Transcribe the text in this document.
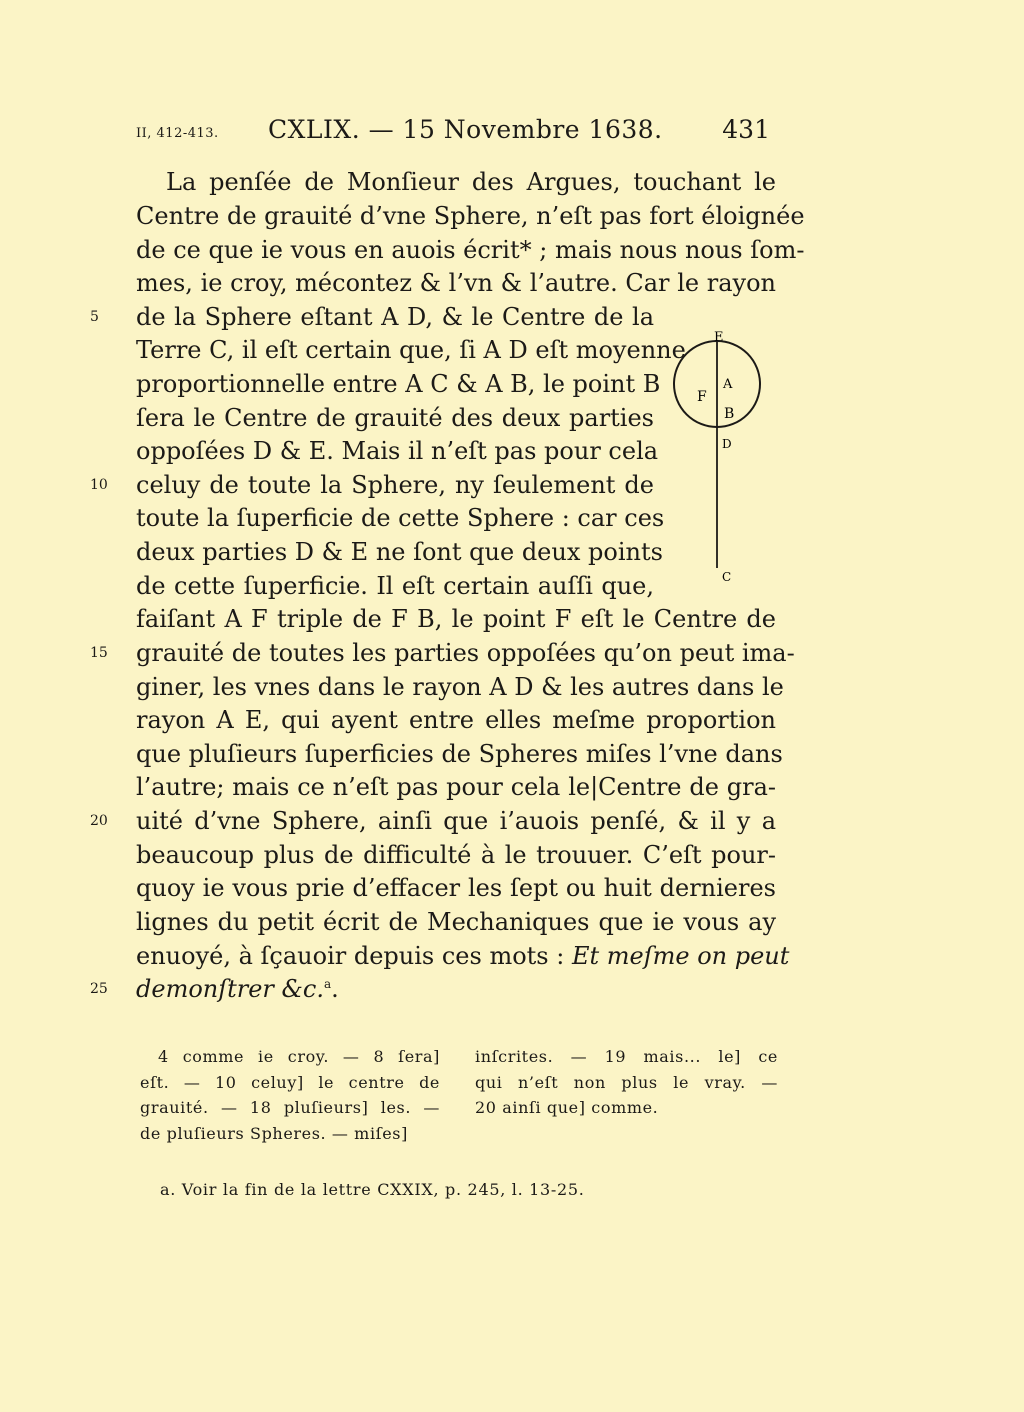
II, 412-413. CXLIX. — 15 Novembre 1638. 431
La penſée de Monſieur des Argues, touchant le
Centre de grauité d’vne Sphere, n’eſt pas fort éloignée
de ce que ie vous en auois écrit* ; mais nous nous ſom-
mes, ie croy, mécontez & l’vn & l’autre. Car le rayon
de la Sphere eſtant A D, & le Centre de la
Terre C, il eſt certain que, ſi A D eſt moyenne
proportionnelle entre A C & A B, le point B
ſera le Centre de grauité des deux parties
oppoſées D & E. Mais il n’eſt pas pour cela
celuy de toute la Sphere, ny ſeulement de
toute la ſuperficie de cette Sphere : car ces
deux parties D & E ne ſont que deux points
de cette ſuperficie. Il eſt certain auſſi que,
faiſant A F triple de F B, le point F eſt le Centre de
grauité de toutes les parties oppoſées qu’on peut ima-
giner, les vnes dans le rayon A D & les autres dans le
rayon A E, qui ayent entre elles meſme proportion
que pluſieurs ſuperficies de Spheres miſes l’vne dans
l’autre; mais ce n’eſt pas pour cela le|Centre de gra-
uité d’vne Sphere, ainſi que i’auois penſé, & il y a
beaucoup plus de difficulté à le trouuer. C’eſt pour-
quoy ie vous prie d’effacer les ſept ou huit dernieres
lignes du petit écrit de Mechaniques que ie vous ay
enuoyé, à ſçauoir depuis ces mots : Et meſme on peut
demonſtrer &c.$^a$.
5
10
15
20
25
E
A
F
B
D
C
4 comme ie croy. — 8 ſera]
eſt. — 10 celuy] le centre de
grauité. — 18 pluſieurs] les. —
de pluſieurs Spheres. — miſes]
inſcrites. — 19 mais... le] ce
qui n’eſt non plus le vray. —
20 ainſi que] comme.
a. Voir la fin de la lettre CXXIX, p. 245, l. 13-25.
